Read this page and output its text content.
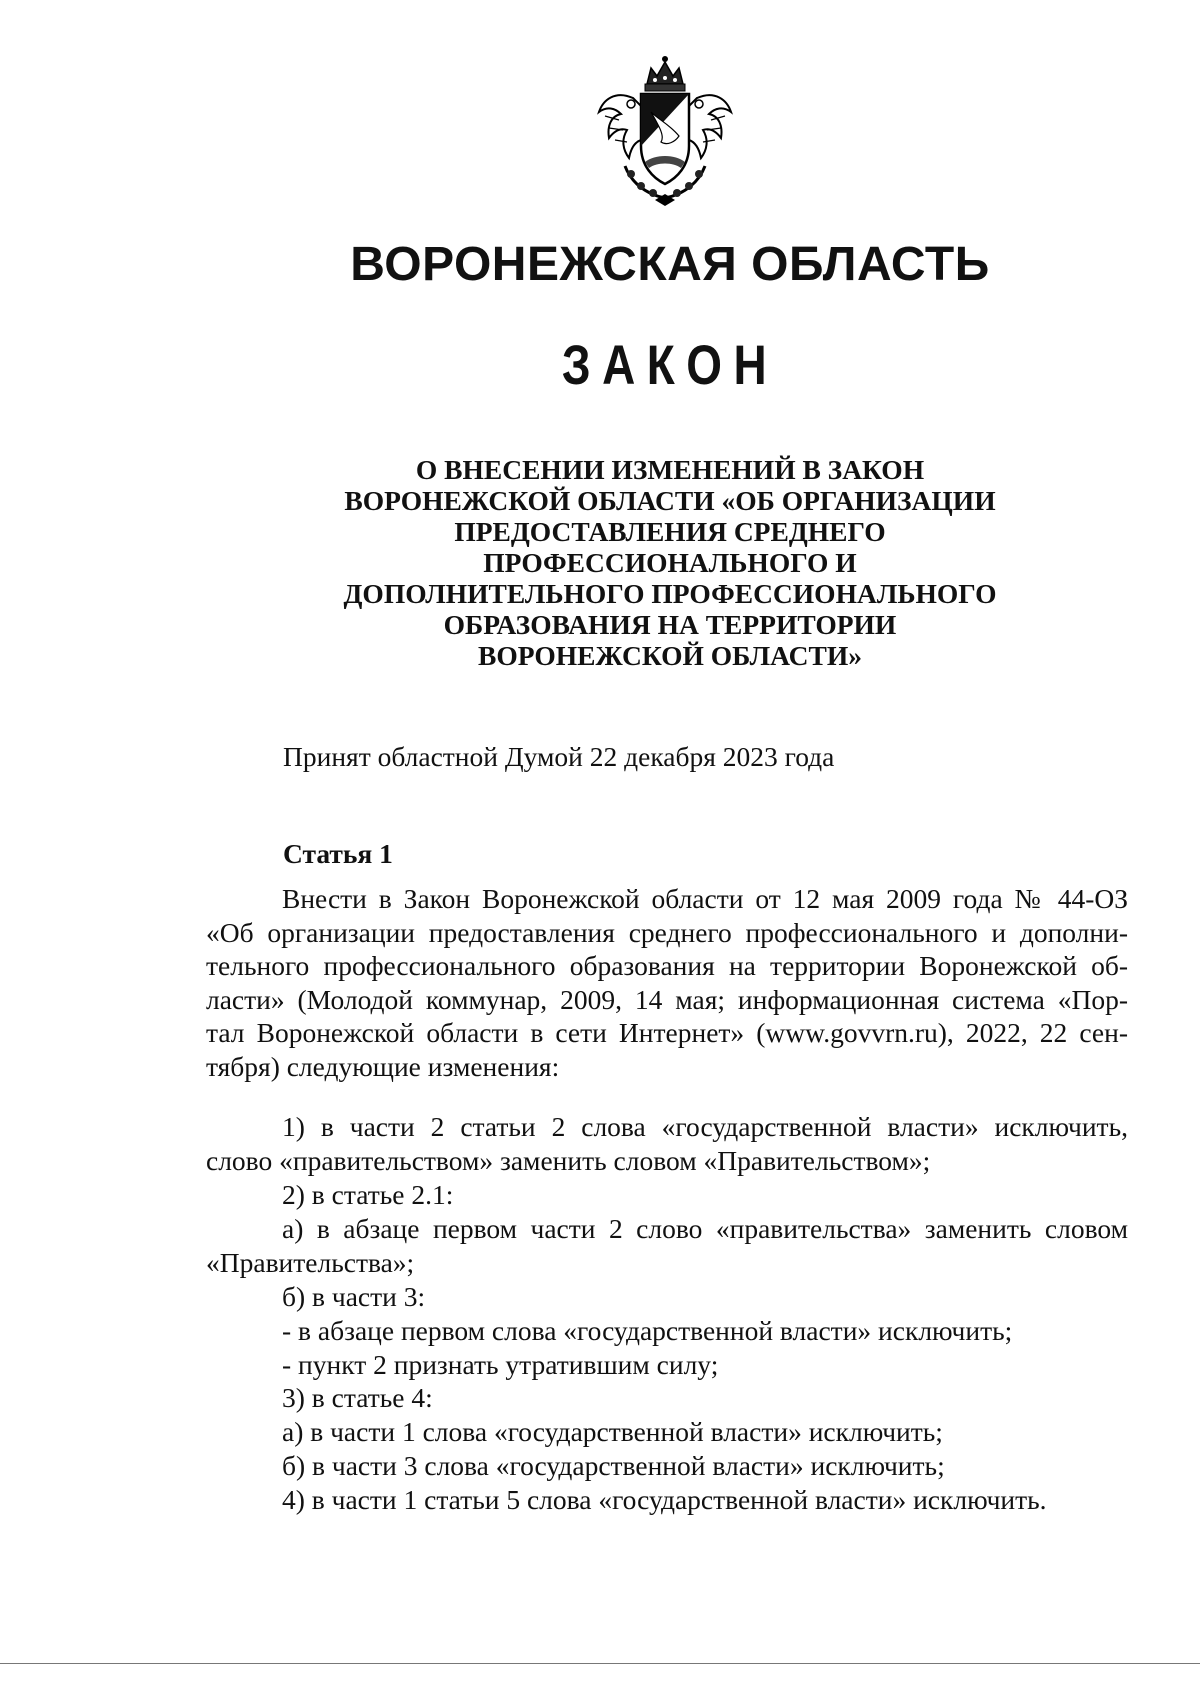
ВОРОНЕЖСКАЯ ОБЛАСТЬ
ЗАКОН
О ВНЕСЕНИИ ИЗМЕНЕНИЙ В ЗАКОН
ВОРОНЕЖСКОЙ ОБЛАСТИ «ОБ ОРГАНИЗАЦИИ
ПРЕДОСТАВЛЕНИЯ СРЕДНЕГО
ПРОФЕССИОНАЛЬНОГО И
ДОПОЛНИТЕЛЬНОГО ПРОФЕССИОНАЛЬНОГО
ОБРАЗОВАНИЯ НА ТЕРРИТОРИИ
ВОРОНЕЖСКОЙ ОБЛАСТИ»
Принят областной Думой 22 декабря 2023 года
Статья 1
Внести в Закон Воронежской области от 12 мая 2009 года № 44-ОЗ
«Об организации предоставления среднего профессионального и дополни-
тельного профессионального образования на территории Воронежской об-
ласти» (Молодой коммунар, 2009, 14 мая; информационная система «Пор-
тал Воронежской области в сети Интернет» (www.govvrn.ru), 2022, 22 сен-
тября) следующие изменения:
1) в части 2 статьи 2 слова «государственной власти» исключить,
слово «правительством» заменить словом «Правительством»;
2) в статье 2.1:
а) в абзаце первом части 2 слово «правительства» заменить словом
«Правительства»;
б) в части 3:
- в абзаце первом слова «государственной власти» исключить;
- пункт 2 признать утратившим силу;
3) в статье 4:
а) в части 1 слова «государственной власти» исключить;
б) в части 3 слова «государственной власти» исключить;
4) в части 1 статьи 5 слова «государственной власти» исключить.
